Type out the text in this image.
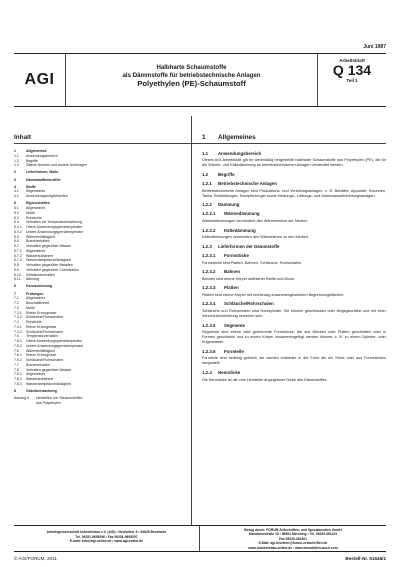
Juni 1987
AGI
Halbharte Schaumstoffe
als Dämmstoffe für betriebstechnische Anlagen
Polyethylen (PE)-Schaumstoff
Arbeitsblatt
Q 134
Teil 1
Inhalt
1	Allgemeines
1.1	Anwendungsbereich
1.2	Begriffe
1.3	Zitierte Normen und andere Unterlagen
2	Lieferformen, Maße
3	Dämmstoffkennziffer
4	Stoffe
4.1	Allgemeines
4.2	Anwendungsmöglichkeiten
5	Eigenschaften
5.1	Allgemeines
5.2	Maße
5.3	Rohdichte
5.4	Verhalten bei Temperatureinwirkung
5.4.1	Obere Anwendungsgrenztemperatur
5.4.2	Untere Anwendungsgrenztemperatur
5.5	Wärmeleitfähigkeit
5.6	Brandverhalten
5.7	Verhalten gegenüber Wasser
5.7.1	Allgemeines
5.7.2	Wasseraufnahme
5.7.3	Wasserdampfdurchlässigkeit
5.8	Verhalten gegenüber Metallen
5.9	Verhalten gegenüber Chemikalien
5.10	Zeitstandverhalten
5.11	Alterung
6	Kennzeichnung
7	Prüfungen
7.1	Allgemeines
7.2	Beschaffenheit
7.3	Maße
7.3.1	Ebene Erzeugnisse
7.3.2	Schläuche/Rohrschalen
7.4	Rohdichte
7.4.1	Ebene Erzeugnisse
7.4.2	Schläuche/Rohrschalen
7.5	Temperaturverhalten
7.5.1	Obere Anwendungsgrenztemperatur
7.5.2	Untere Anwendungsgrenztemperatur
7.6	Wärmeleitfähigkeit
7.6.1	Ebene Erzeugnisse
7.6.2	Schläuche/Rohrschalen
7.7	Brandverhalten
7.8	Verhalten gegenüber Wasser
7.8.1	Allgemeines
7.8.2	Wasseraufnahme
7.8.3	Wasserdampfdurchlässigkeit
8	Güteüberwachung
Anhang A	Herstellen von Schaumstoffen
aus Polyethylen
1 Allgemeines
1.1 Anwendungsbereich
Dieses AGI-Arbeitsblatt gilt für werkmäßig hergestellte halbharte Schaumstoffe aus Polyethylen (PE), die für die Wärme- und Kältedämmung an betriebstechnischen Anlagen verwendet werden.
1.2 Begriffe
1.2.1 Betriebstechnische Anlagen
Betriebstechnische Anlagen sind Produktions- und Verteilungsanlagen, z. B. Behälter, Apparate, Kolonnen, Tanks, Rohrleitungen, Dampferzeuger sowie Heizungs-, Lüftungs- und Warmwasserbereitungsanlagen.
1.2.2 Dämmung
1.2.2.1 Wärmedämmung
Wärmedämmungen vermindern den Wärmeverlust der Medien.
1.2.2.2 Kältedämmung
Kältedämmungen vermindern den Wärmestrom zu den Medien.
1.2.3 Lieferformen der Dämmstoffe
1.2.3.1 Formstücke
Formstücke sind Platten, Bahnen, Schläuche, Rohrschalen.
1.2.3.2 Bahnen
Bahnen sind ebene Körper definierter Breite und Dicke.
1.2.3.3 Platten
Platten sind ebene Körper mit rechteckig zusammengesetztem Begrenzungsflächen.
1.2.3.4 Schläuche/Rohrschalen
Schläuche und Rohrschalen sind Hohlzylinder. Sie können geschlossen oder längsgeschlitzt und mit einer Verschlußvorrichtung versehen sein.
1.2.3.5 Segmente
Segmente sind ebene oder gekrümmte Formstücke, die aus Blöcken oder Platten geschnitten oder in Formen geschäumt und zu einem Körper zusammengefügt werden können, z. B. zu einem Zylinder- oder Kugelmantel.
1.2.3.6 Formteile
Formteile sind beliebig geformt, sie werden entweder in der Form als ein Stück oder aus Formstücken hergestellt.
1.2.4 Nenndicke
Die Nenndicke ist die vom Hersteller angegebene Dicke des Dämmstoffes.
Arbeitsgemeinschaft Industriebau e.V. (AGI) • Neuhofstr. 9 • 64625 Bensheim
Tel. 06251-9695296 • Fax 06251-9695297
E-mail: info@agi-online.de • www.agi-online.de
Bezug durch: FORUM Zeitschriften- und Spezialmedien GmbH
Mandichostraße 18 • 86504 Merching • Tel. 08233-381123
Fax 08233-381361
E-Mail: agi-bezieher@forum-zeitschriften.de
www.industriebau-online.de • www.immobilien-buch.com
© AGI/FORUM, 2011	Bestell-Nr. 51546/1
